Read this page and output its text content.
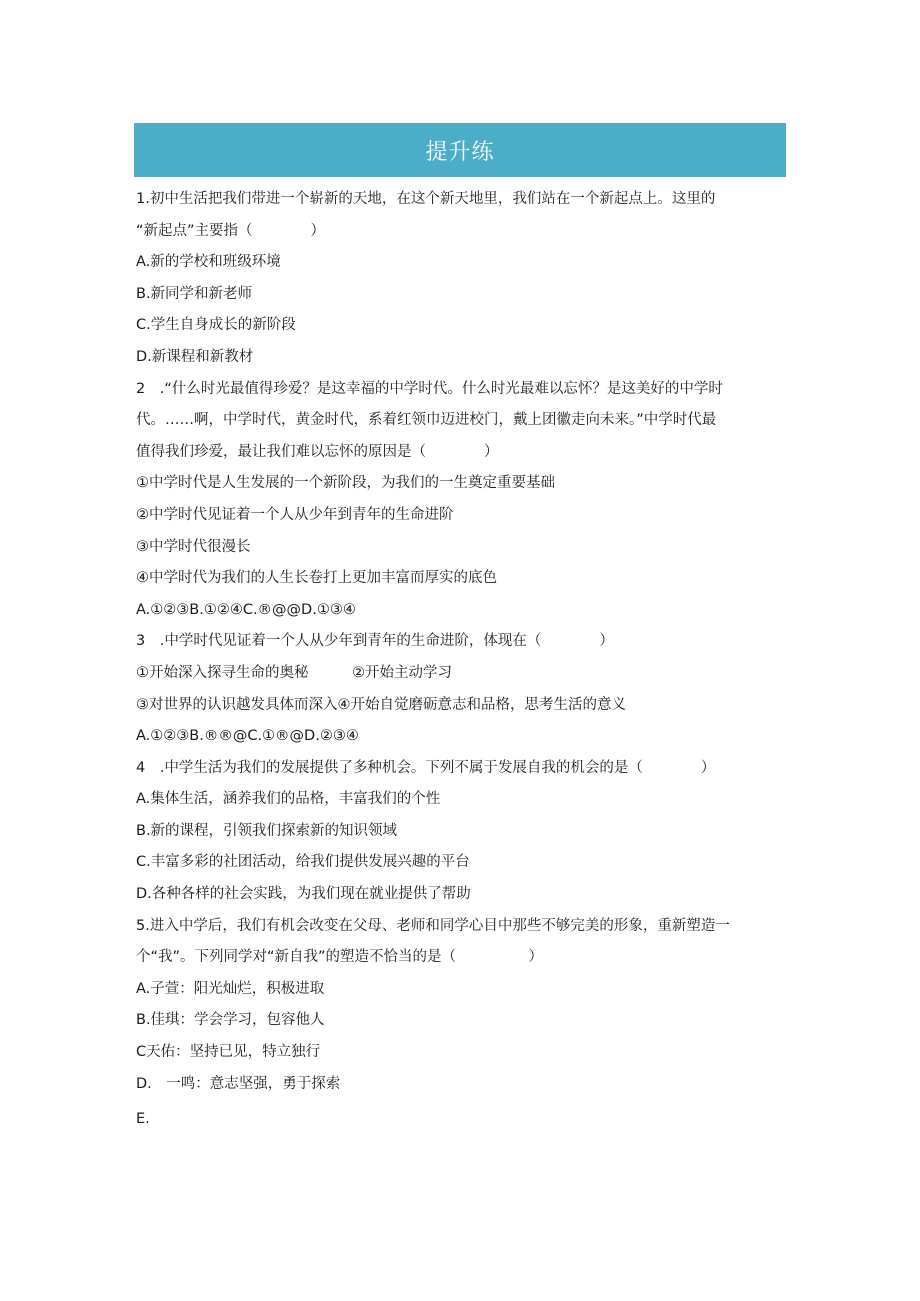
提升练
1.初中生活把我们带进一个崭新的天地，在这个新天地里，我们站在一个新起点上。这里的
“新起点”主要指（　　　　）
A.新的学校和班级环境
B.新同学和新老师
C.学生自身成长的新阶段
D.新课程和新教材
2　.“什么时光最值得珍爱？是这幸福的中学时代。什么时光最难以忘怀？是这美好的中学时
代。……啊，中学时代，黄金时代，系着红领巾迈进校门，戴上团徽走向未来。”中学时代最
值得我们珍爱，最让我们难以忘怀的原因是（　　　　）
①中学时代是人生发展的一个新阶段，为我们的一生奠定重要基础
②中学时代见证着一个人从少年到青年的生命进阶
③中学时代很漫长
④中学时代为我们的人生长卷打上更加丰富而厚实的底色
A.①②③B.①②④C.®@@D.①③④
3　.中学时代见证着一个人从少年到青年的生命进阶，体现在（　　　　）
①开始深入探寻生命的奥秘　　　②开始主动学习
③对世界的认识越发具体而深入④开始自觉磨砺意志和品格，思考生活的意义
A.①②③B.®®@C.①®@D.②③④
4　.中学生活为我们的发展提供了多种机会。下列不属于发展自我的机会的是（　　　　）
A.集体生活，涵养我们的品格，丰富我们的个性
B.新的课程，引领我们探索新的知识领域
C.丰富多彩的社团活动，给我们提供发展兴趣的平台
D.各种各样的社会实践，为我们现在就业提供了帮助
5.进入中学后，我们有机会改变在父母、老师和同学心目中那些不够完美的形象，重新塑造一
个“我”。下列同学对“新自我”的塑造不恰当的是（　　　　　）
A.子萱：阳光灿烂，积极进取
B.佳琪：学会学习，包容他人
C天佑：坚持已见，特立独行
D.　一鸣：意志坚强，勇于探索
E.
